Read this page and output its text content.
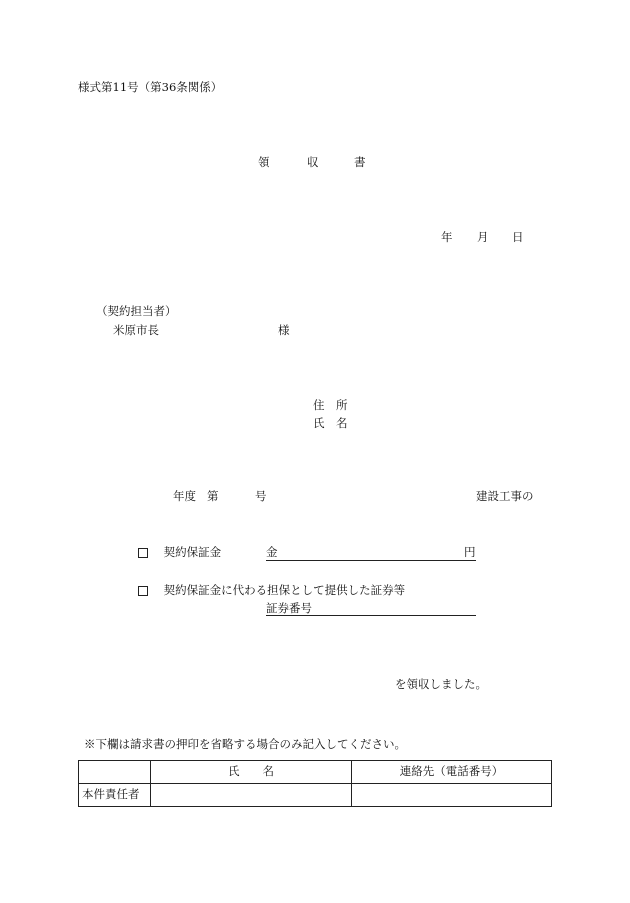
様式第11号（第36条関係）
領	収	書
年 月 日
（契約担当者）
米原市長	様
住 所
氏 名
年度 第	号	建設工事の
契約保証金	金	円
契約保証金に代わる担保として提供した証券等
証券番号
を領収しました。
※下欄は請求書の押印を省略する場合のみ記入してください。
	氏　　名	連絡先（電話番号）
本件責任者		
